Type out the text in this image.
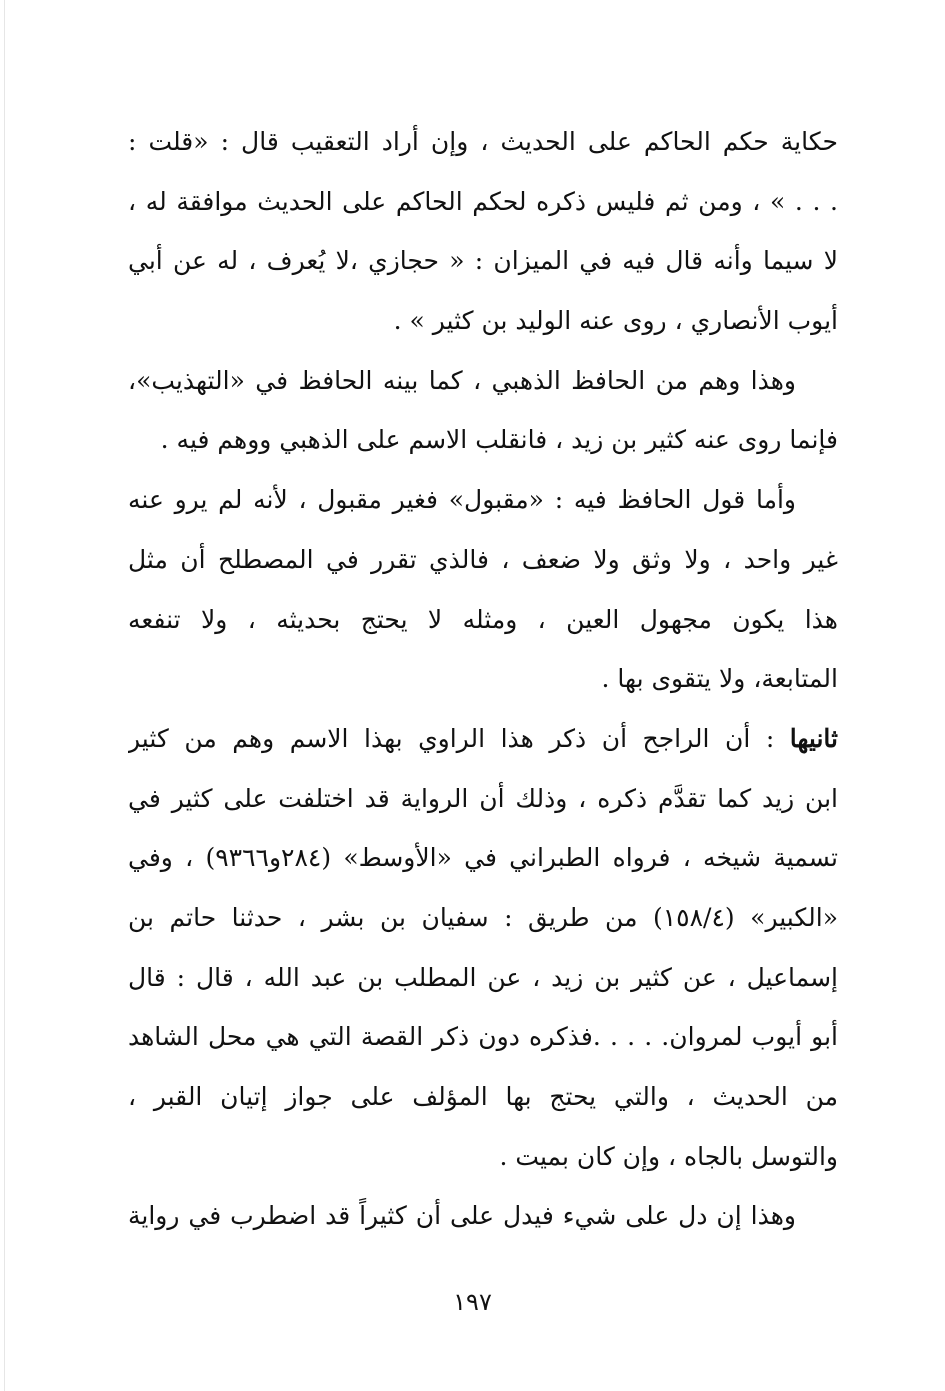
حكاية حكم الحاكم على الحديث ، وإن أراد التعقيب قال : «قلت :
. . . » ، ومن ثم فليس ذكره لحكم الحاكم على الحديث موافقة له ،
لا سيما وأنه قال فيه في الميزان : « حجازي ،لا يُعرف ، له عن أبي
أيوب الأنصاري ، روى عنه الوليد بن كثير » .
وهذا وهم من الحافظ الذهبي ، كما بينه الحافظ في «التهذيب»،
فإنما روى عنه كثير بن زيد ، فانقلب الاسم على الذهبي ووهم فيه .
وأما قول الحافظ فيه : «مقبول» فغير مقبول ، لأنه لم يرو عنه
غير واحد ، ولا وثق ولا ضعف ، فالذي تقرر في المصطلح أن مثل
هذا يكون مجهول العين ، ومثله لا يحتج بحديثه ، ولا تنفعه
المتابعة، ولا يتقوى بها .
ثانيها : أن الراجح أن ذكر هذا الراوي بهذا الاسم وهم من كثير
ابن زيد كما تقدَّم ذكره ، وذلك أن الرواية قد اختلفت على كثير في
تسمية شيخه ، فرواه الطبراني في «الأوسط» (٢٨٤و٩٣٦٦) ، وفي
«الكبير» (١٥٨/٤) من طريق : سفيان بن بشر ، حدثنا حاتم بن
إسماعيل ، عن كثير بن زيد ، عن المطلب بن عبد الله ، قال : قال
أبو أيوب لمروان. . . . .فذكره دون ذكر القصة التي هي محل الشاهد
من الحديث ، والتي يحتج بها المؤلف على جواز إتيان القبر ،
والتوسل بالجاه ، وإن كان بميت .
وهذا إن دل على شيء فيدل على أن كثيراً قد اضطرب في رواية
١٩٧
